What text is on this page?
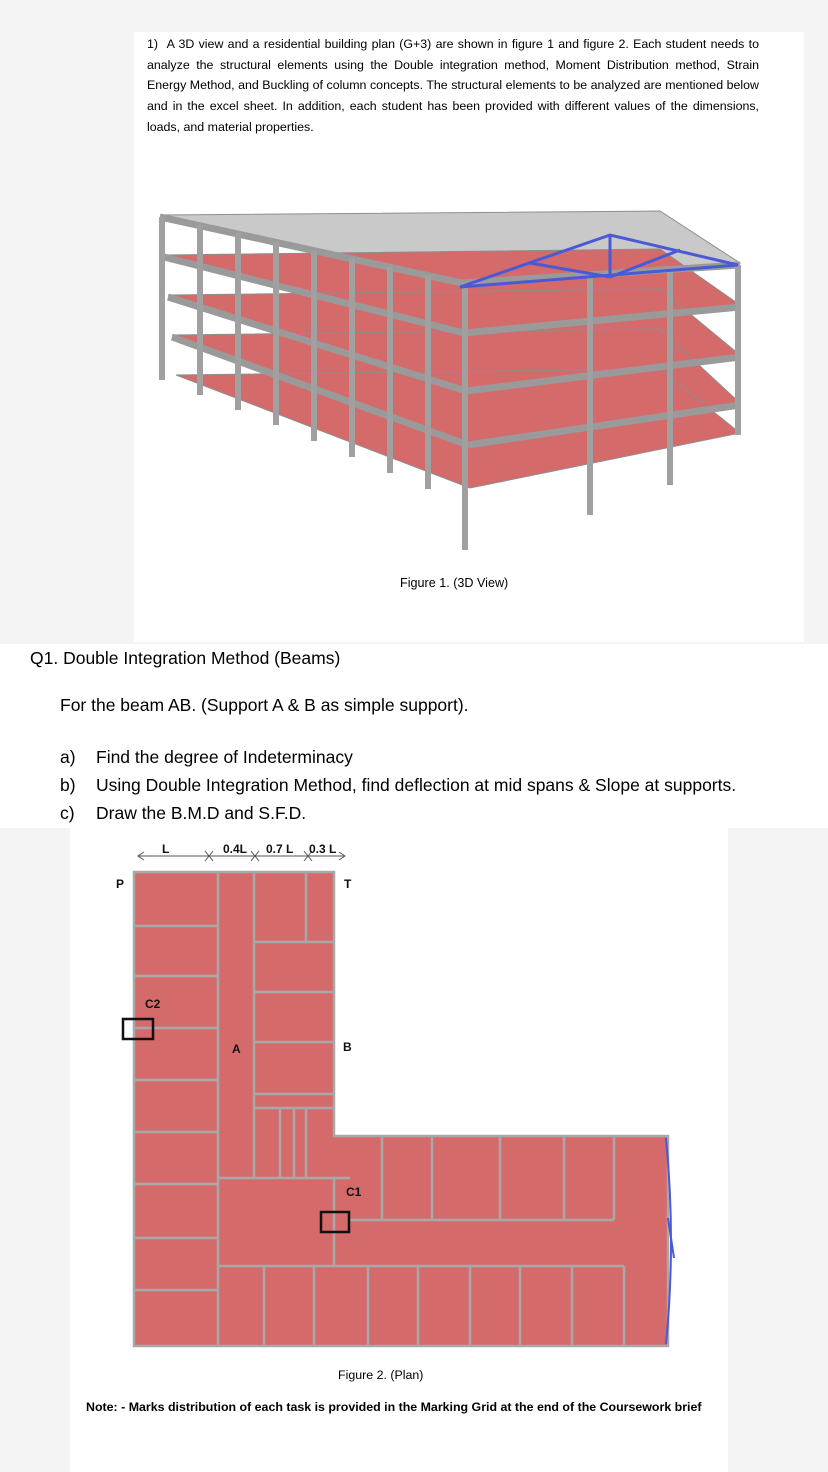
1) A 3D view and a residential building plan (G+3) are shown in figure 1 and figure 2. Each student needs to analyze the structural elements using the Double integration method, Moment Distribution method, Strain Energy Method, and Buckling of column concepts. The structural elements to be analyzed are mentioned below and in the excel sheet. In addition, each student has been provided with different values of the dimensions, loads, and material properties.

Figure 1. (3D View)
Q1. Double Integration Method (Beams)
For the beam AB. (Support A & B as simple support).
a)	Find the degree of Indeterminacy
b)	Using Double Integration Method, find deflection at mid spans & Slope at supports.
c)	Draw the B.M.D and S.F.D.
L	0.4L 0.7 L 0.3 L
P	T
A	B
C2
C1
Figure 2. (Plan)
Note: - Marks distribution of each task is provided in the Marking Grid at the end of the Coursework brief
